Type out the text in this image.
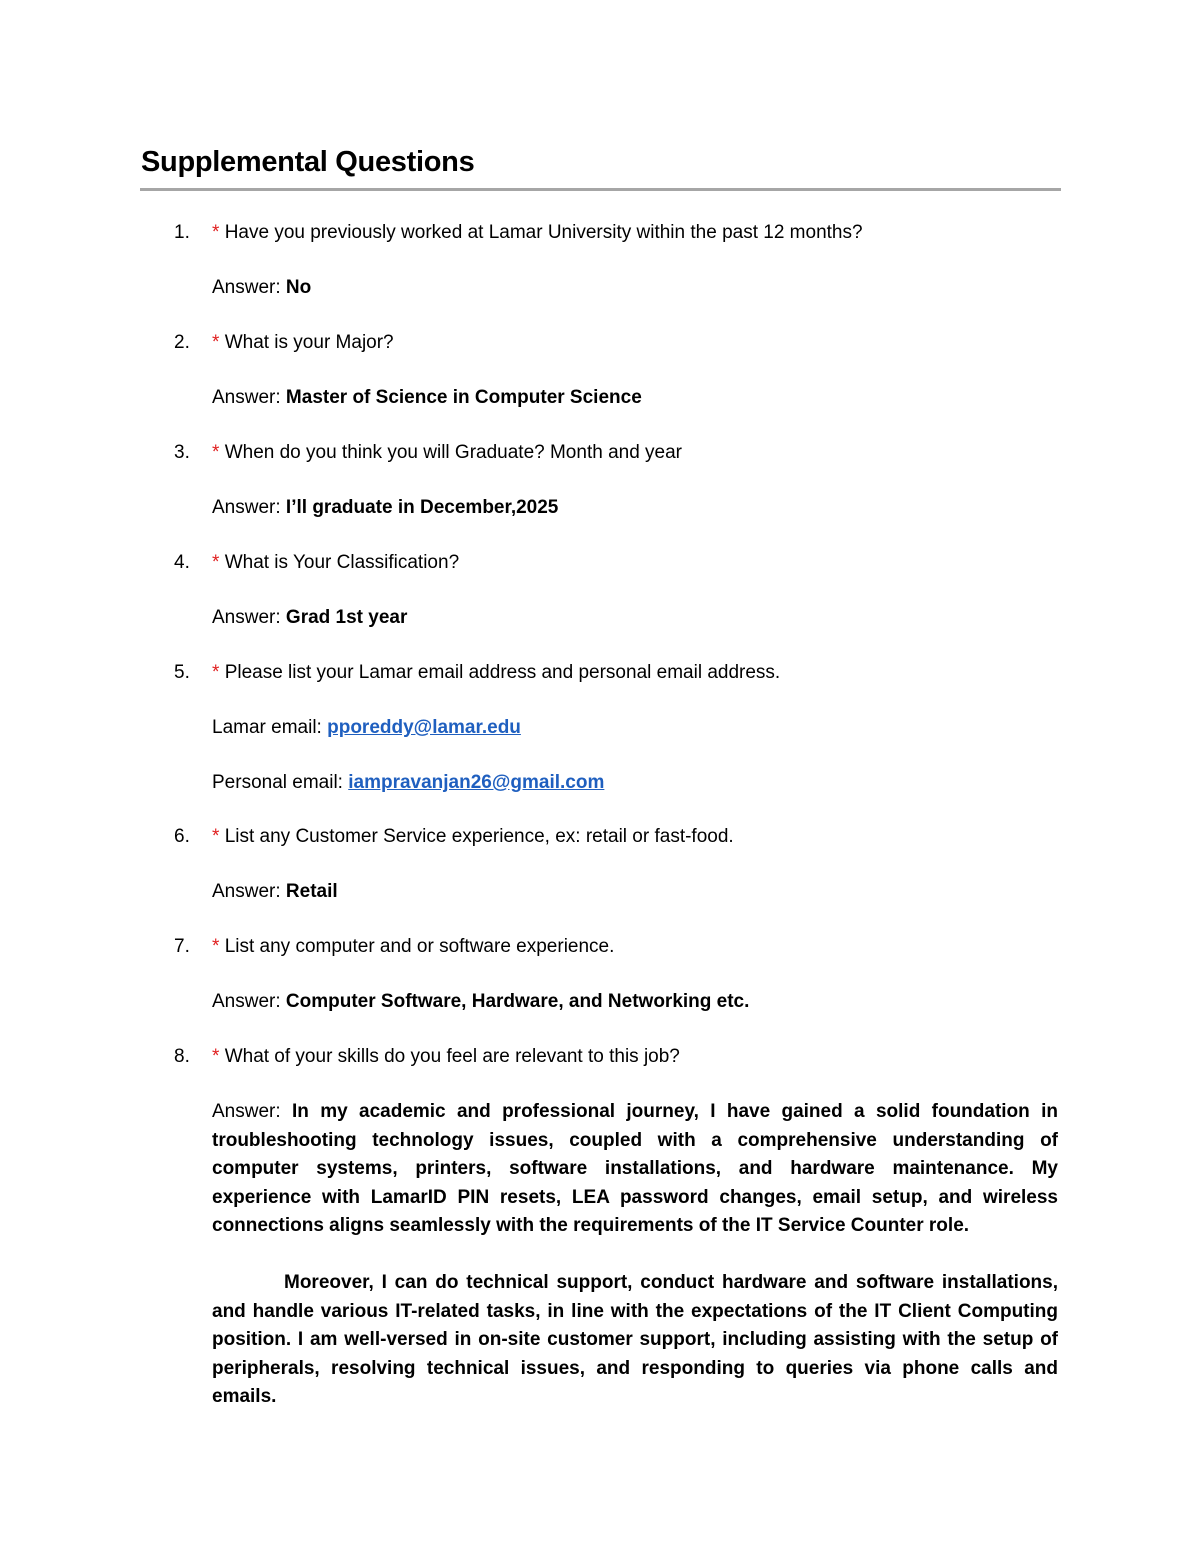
Supplemental Questions
1. * Have you previously worked at Lamar University within the past 12 months?
Answer: No
2. * What is your Major?
Answer: Master of Science in Computer Science
3. * When do you think you will Graduate? Month and year
Answer: I’ll graduate in December,2025
4. * What is Your Classification?
Answer: Grad 1st year
5. * Please list your Lamar email address and personal email address.
Lamar email: pporeddy@lamar.edu
Personal email: iampravanjan26@gmail.com
6. * List any Customer Service experience, ex: retail or fast-food.
Answer: Retail
7. * List any computer and or software experience.
Answer: Computer Software, Hardware, and Networking etc.
8. * What of your skills do you feel are relevant to this job?
Answer: In my academic and professional journey, I have gained a solid foundation in troubleshooting technology issues, coupled with a comprehensive understanding of computer systems, printers, software installations, and hardware maintenance. My experience with LamarID PIN resets, LEA password changes, email setup, and wireless connections aligns seamlessly with the requirements of the IT Service Counter role.
Moreover, I can do technical support, conduct hardware and software installations, and handle various IT-related tasks, in line with the expectations of the IT Client Computing position. I am well-versed in on-site customer support, including assisting with the setup of peripherals, resolving technical issues, and responding to queries via phone calls and emails.
